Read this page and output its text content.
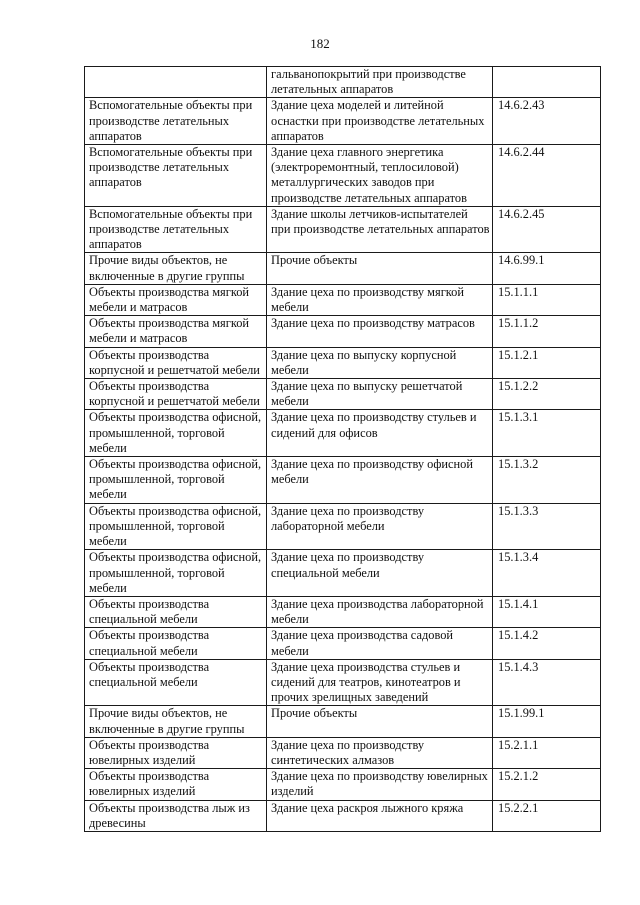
182
	гальванопокрытий при производстве летательных аппаратов	
Вспомогательные объекты при производстве летательных аппаратов	Здание цеха моделей и литейной оснастки при производстве летательных аппаратов	14.6.2.43
Вспомогательные объекты при производстве летательных аппаратов	Здание цеха главного энергетика (электроремонтный, теплосиловой) металлургических заводов при производстве летательных аппаратов	14.6.2.44
Вспомогательные объекты при производстве летательных аппаратов	Здание школы летчиков-испытателей при производстве летательных аппаратов	14.6.2.45
Прочие виды объектов, не включенные в другие группы	Прочие объекты	14.6.99.1
Объекты производства мягкой мебели и матрасов	Здание цеха по производству мягкой мебели	15.1.1.1
Объекты производства мягкой мебели и матрасов	Здание цеха по производству матрасов	15.1.1.2
Объекты производства корпусной и решетчатой мебели	Здание цеха по выпуску корпусной мебели	15.1.2.1
Объекты производства корпусной и решетчатой мебели	Здание цеха по выпуску решетчатой мебели	15.1.2.2
Объекты производства офисной, промышленной, торговой мебели	Здание цеха по производству стульев и сидений для офисов	15.1.3.1
Объекты производства офисной, промышленной, торговой мебели	Здание цеха по производству офисной мебели	15.1.3.2
Объекты производства офисной, промышленной, торговой мебели	Здание цеха по производству лабораторной мебели	15.1.3.3
Объекты производства офисной, промышленной, торговой мебели	Здание цеха по производству специальной мебели	15.1.3.4
Объекты производства специальной мебели	Здание цеха производства лабораторной мебели	15.1.4.1
Объекты производства специальной мебели	Здание цеха производства садовой мебели	15.1.4.2
Объекты производства специальной мебели	Здание цеха производства стульев и сидений для театров, кинотеатров и прочих зрелищных заведений	15.1.4.3
Прочие виды объектов, не включенные в другие группы	Прочие объекты	15.1.99.1
Объекты производства ювелирных изделий	Здание цеха по производству синтетических алмазов	15.2.1.1
Объекты производства ювелирных изделий	Здание цеха по производству ювелирных изделий	15.2.1.2
Объекты производства лыж из древесины	Здание цеха раскроя лыжного кряжа	15.2.2.1
